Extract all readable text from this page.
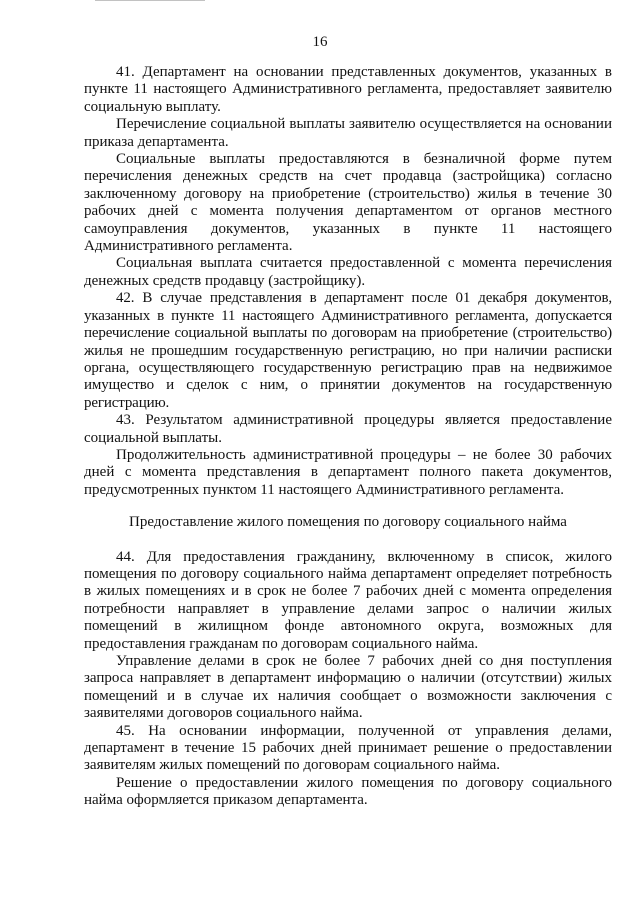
16

41. Департамент на основании представленных документов, указанных в пункте 11 настоящего Административного регламента, предоставляет заявителю социальную выплату.

Перечисление социальной выплаты заявителю осуществляется на основании приказа департамента.

Социальные выплаты предоставляются в безналичной форме путем перечисления денежных средств на счет продавца (застройщика) согласно заключенному договору на приобретение (строительство) жилья в течение 30 рабочих дней с момента получения департаментом от органов местного самоуправления документов, указанных в пункте 11 настоящего Административного регламента.

Социальная выплата считается предоставленной с момента перечисления денежных средств продавцу (застройщику).

42. В случае представления в департамент после 01 декабря документов, указанных в пункте 11 настоящего Административного регламента, допускается перечисление социальной выплаты по договорам на приобретение (строительство) жилья не прошедшим государственную регистрацию, но при наличии расписки органа, осуществляющего государственную регистрацию прав на недвижимое имущество и сделок с ним, о принятии документов на государственную регистрацию.

43. Результатом административной процедуры является предоставление социальной выплаты.

Продолжительность административной процедуры – не более 30 рабочих дней с момента представления в департамент полного пакета документов, предусмотренных пунктом 11 настоящего Административного регламента.

Предоставление жилого помещения по договору социального найма

44. Для предоставления гражданину, включенному в список, жилого помещения по договору социального найма департамент определяет потребность в жилых помещениях и в срок не более 7 рабочих дней с момента определения потребности направляет в управление делами запрос о наличии жилых помещений в жилищном фонде автономного округа, возможных для предоставления гражданам по договорам социального найма.

Управление делами в срок не более 7 рабочих дней со дня поступления запроса направляет в департамент информацию о наличии (отсутствии) жилых помещений и в случае их наличия сообщает о возможности заключения с заявителями договоров социального найма.

45. На основании информации, полученной от управления делами, департамент в течение 15 рабочих дней принимает решение о предоставлении заявителям жилых помещений по договорам социального найма.

Решение о предоставлении жилого помещения по договору социального найма оформляется приказом департамента.
